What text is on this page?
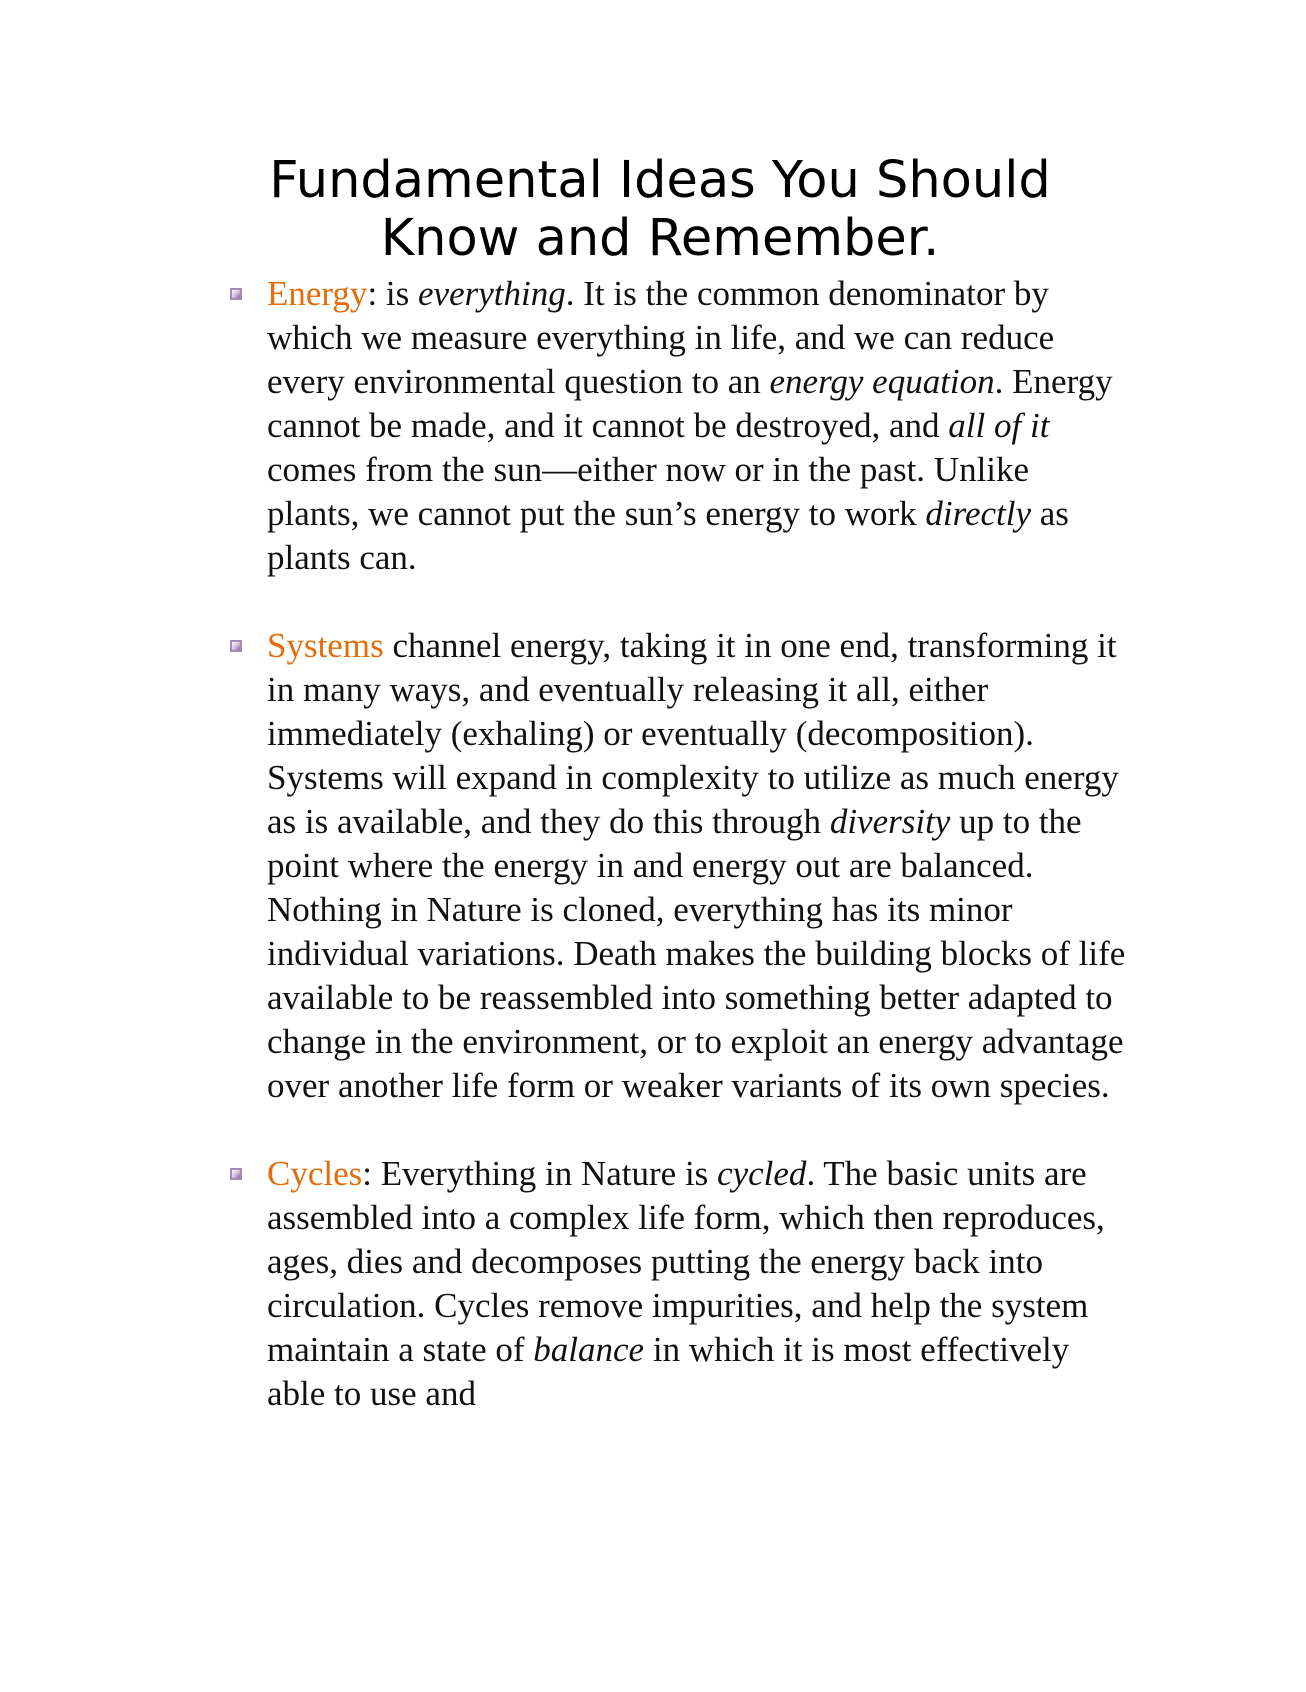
Fundamental Ideas You Should
Know and Remember.
Energy: is everything. It is the common denominator by which we measure everything in life, and we can reduce every environmental question to an energy equation. Energy cannot be made, and it cannot be destroyed, and all of it comes from the sun—either now or in the past. Unlike plants, we cannot put the sun’s energy to work directly as plants can.
Systems channel energy, taking it in one end, transforming it in many ways, and eventually releasing it all, either immediately (exhaling) or eventually (decomposition). Systems will expand in complexity to utilize as much energy as is available, and they do this through diversity up to the point where the energy in and energy out are balanced. Nothing in Nature is cloned, everything has its minor individual variations. Death makes the building blocks of life available to be reassembled into something better adapted to change in the environment, or to exploit an energy advantage over another life form or weaker variants of its own species.
Cycles: Everything in Nature is cycled. The basic units are assembled into a complex life form, which then reproduces, ages, dies and decomposes putting the energy back into circulation. Cycles remove impurities, and help the system maintain a state of balance in which it is most effectively able to use and
